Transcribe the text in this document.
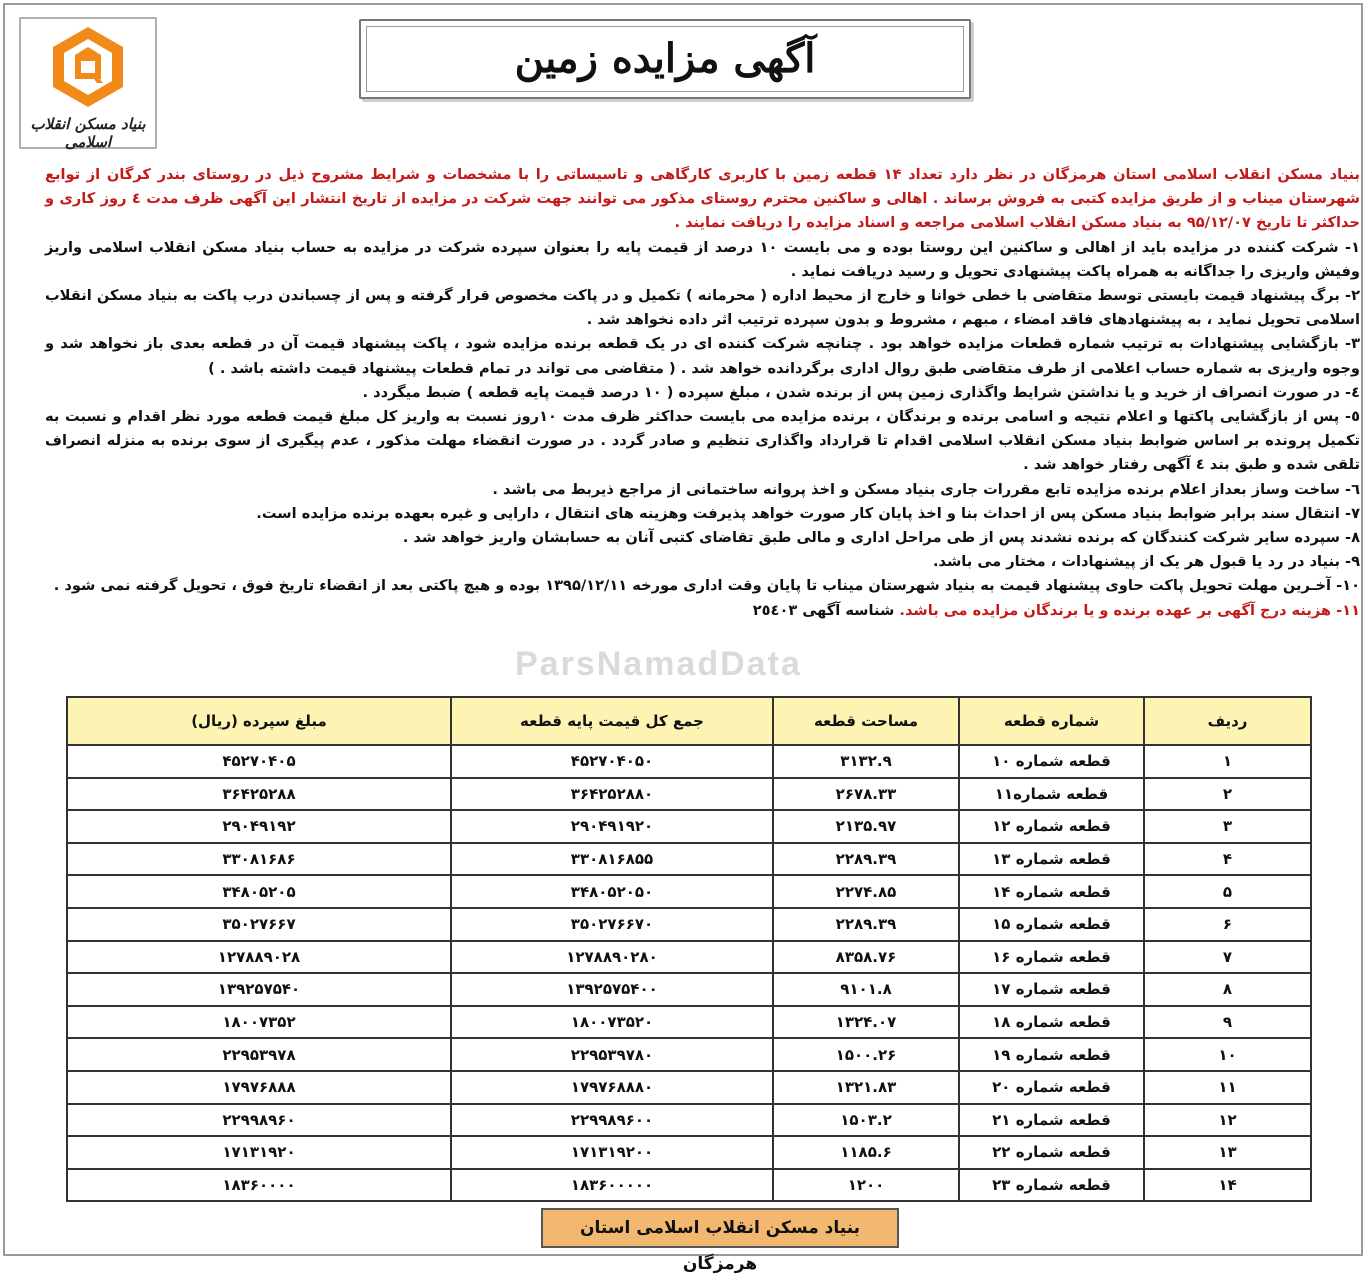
بنیاد مسکن انقلاب اسلامی
آگهی مزایده زمین
ParsNamadData

بنیاد مسکن انقلاب اسلامی استان هرمزگان در نظر دارد تعداد ۱۴ قطعه زمین با کاربری کارگاهی و تاسیساتی را با مشخصات و شرایط مشروح ذیل در روستای بندر کرگان از توابع شهرستان میناب و از طریق مزایده کتبی به فروش برساند . اهالی و ساکنین محترم روستای مذکور می توانند جهت شرکت در مزایده از تاریخ انتشار این آگهی ظرف مدت ٤ روز کاری و حداکثر تا تاریخ ۹۵/۱۲/۰۷ به بنیاد مسکن انقلاب اسلامی مراجعه و اسناد مزایده را دریافت نمایند .

۱- شرکت کننده در مزایده باید از اهالی و ساکنین این روستا بوده و می بایست ۱۰ درصد از قیمت پایه را بعنوان سپرده شرکت در مزایده به حساب بنیاد مسکن انقلاب اسلامی واریز وفیش واریزی را جداگانه به همراه پاکت پیشنهادی تحویل و رسید دریافت نماید .

۲- برگ پیشنهاد قیمت بایستی توسط متقاضی با خطی خوانا و خارج از محیط اداره ( محرمانه ) تکمیل و در پاکت مخصوص قرار گرفته و پس از چسباندن درب پاکت به بنیاد مسکن انقلاب اسلامی تحویل نماید ، به پیشنهادهای فاقد امضاء ، مبهم ، مشروط و بدون سپرده ترتیب اثر داده نخواهد شد .

۳- بازگشایی پیشنهادات به ترتیب شماره قطعات مزایده خواهد بود . چنانچه شرکت کننده ای در یک قطعه برنده مزایده شود ، پاکت پیشنهاد قیمت آن در قطعه بعدی باز نخواهد شد و وجوه واریزی به شماره حساب اعلامی از طرف متقاضی طبق روال اداری برگردانده خواهد شد . ( متقاضی می تواند در تمام قطعات پیشنهاد قیمت داشته باشد . )

٤- در صورت انصراف از خرید و یا نداشتن شرایط واگذاری زمین پس از برنده شدن ، مبلغ سپرده ( ۱۰ درصد قیمت پایه قطعه ) ضبط میگردد .

٥- پس از بازگشایی پاکتها و اعلام نتیجه و اسامی برنده و برندگان ، برنده مزایده می بایست حداکثر ظرف مدت ۱۰روز نسبت به واریز کل مبلغ قیمت قطعه مورد نظر اقدام و نسبت به تکمیل پرونده بر اساس ضوابط بنیاد مسکن انقلاب اسلامی اقدام تا قرارداد واگذاری تنظیم و صادر گردد . در صورت انقضاء مهلت مذکور ، عدم پیگیری از سوی برنده به منزله انصراف تلقی شده و طبق بند ٤ آگهی رفتار خواهد شد .

٦- ساخت وساز بعداز اعلام برنده مزایده تابع مقررات جاری بنیاد مسکن و اخذ پروانه ساختمانی از مراجع ذیربط می باشد .

۷- انتقال سند برابر ضوابط بنیاد مسکن پس از احداث بنا و اخذ پایان کار صورت خواهد پذیرفت وهزینه های انتقال ، دارایی و غیره بعهده برنده مزایده است.

۸- سپرده سایر شرکت کنندگان که برنده نشدند پس از طی مراحل اداری و مالی طبق تقاضای کتبی آنان به حسابشان واریز خواهد شد .

۹- بنیاد در رد یا قبول هر یک از پیشنهادات ، مختار می باشد.

۱۰- آخـرین مهلت تحویل پاکت حاوی پیشنهاد قیمت به بنیاد شهرستان میناب تا پایان وقت اداری مورخه ۱۳۹۵/۱۲/۱۱ بوده و هیچ پاکتی بعد از انقضاء تاریخ فوق ، تحویل گرفته نمی شود .

۱۱- هزینه درج آگهی بر عهده برنده و یا برندگان مزایده می باشد. شناسه آگهی ٢٥٤٠٣

ردیف	شماره قطعه	مساحت قطعه	جمع کل قیمت پایه قطعه	مبلغ سپرده (ریال)
۱	قطعه شماره ۱۰	۳۱۳۲.۹	۴۵۲۷۰۴۰۵۰	۴۵۲۷۰۴۰۵
۲	قطعه شماره۱۱	۲۶۷۸.۳۳	۳۶۴۲۵۲۸۸۰	۳۶۴۲۵۲۸۸
۳	قطعه شماره ۱۲	۲۱۳۵.۹۷	۲۹۰۴۹۱۹۲۰	۲۹۰۴۹۱۹۲
۴	قطعه شماره ۱۳	۲۲۸۹.۳۹	۳۳۰۸۱۶۸۵۵	۳۳۰۸۱۶۸۶
۵	قطعه شماره ۱۴	۲۲۷۴.۸۵	۳۴۸۰۵۲۰۵۰	۳۴۸۰۵۲۰۵
۶	قطعه شماره ۱۵	۲۲۸۹.۳۹	۳۵۰۲۷۶۶۷۰	۳۵۰۲۷۶۶۷
۷	قطعه شماره ۱۶	۸۳۵۸.۷۶	۱۲۷۸۸۹۰۲۸۰	۱۲۷۸۸۹۰۲۸
۸	قطعه شماره ۱۷	۹۱۰۱.۸	۱۳۹۲۵۷۵۴۰۰	۱۳۹۲۵۷۵۴۰
۹	قطعه شماره ۱۸	۱۳۲۴.۰۷	۱۸۰۰۷۳۵۲۰	۱۸۰۰۷۳۵۲
۱۰	قطعه شماره ۱۹	۱۵۰۰.۲۶	۲۲۹۵۳۹۷۸۰	۲۲۹۵۳۹۷۸
۱۱	قطعه شماره ۲۰	۱۳۲۱.۸۳	۱۷۹۷۶۸۸۸۰	۱۷۹۷۶۸۸۸
۱۲	قطعه شماره ۲۱	۱۵۰۳.۲	۲۲۹۹۸۹۶۰۰	۲۲۹۹۸۹۶۰
۱۳	قطعه شماره ۲۲	۱۱۸۵.۶	۱۷۱۳۱۹۲۰۰	۱۷۱۳۱۹۲۰
۱۴	قطعه شماره ۲۳	۱۲۰۰	۱۸۳۶۰۰۰۰۰	۱۸۳۶۰۰۰۰
بنیاد مسکن انقلاب اسلامی استان هرمزگان
